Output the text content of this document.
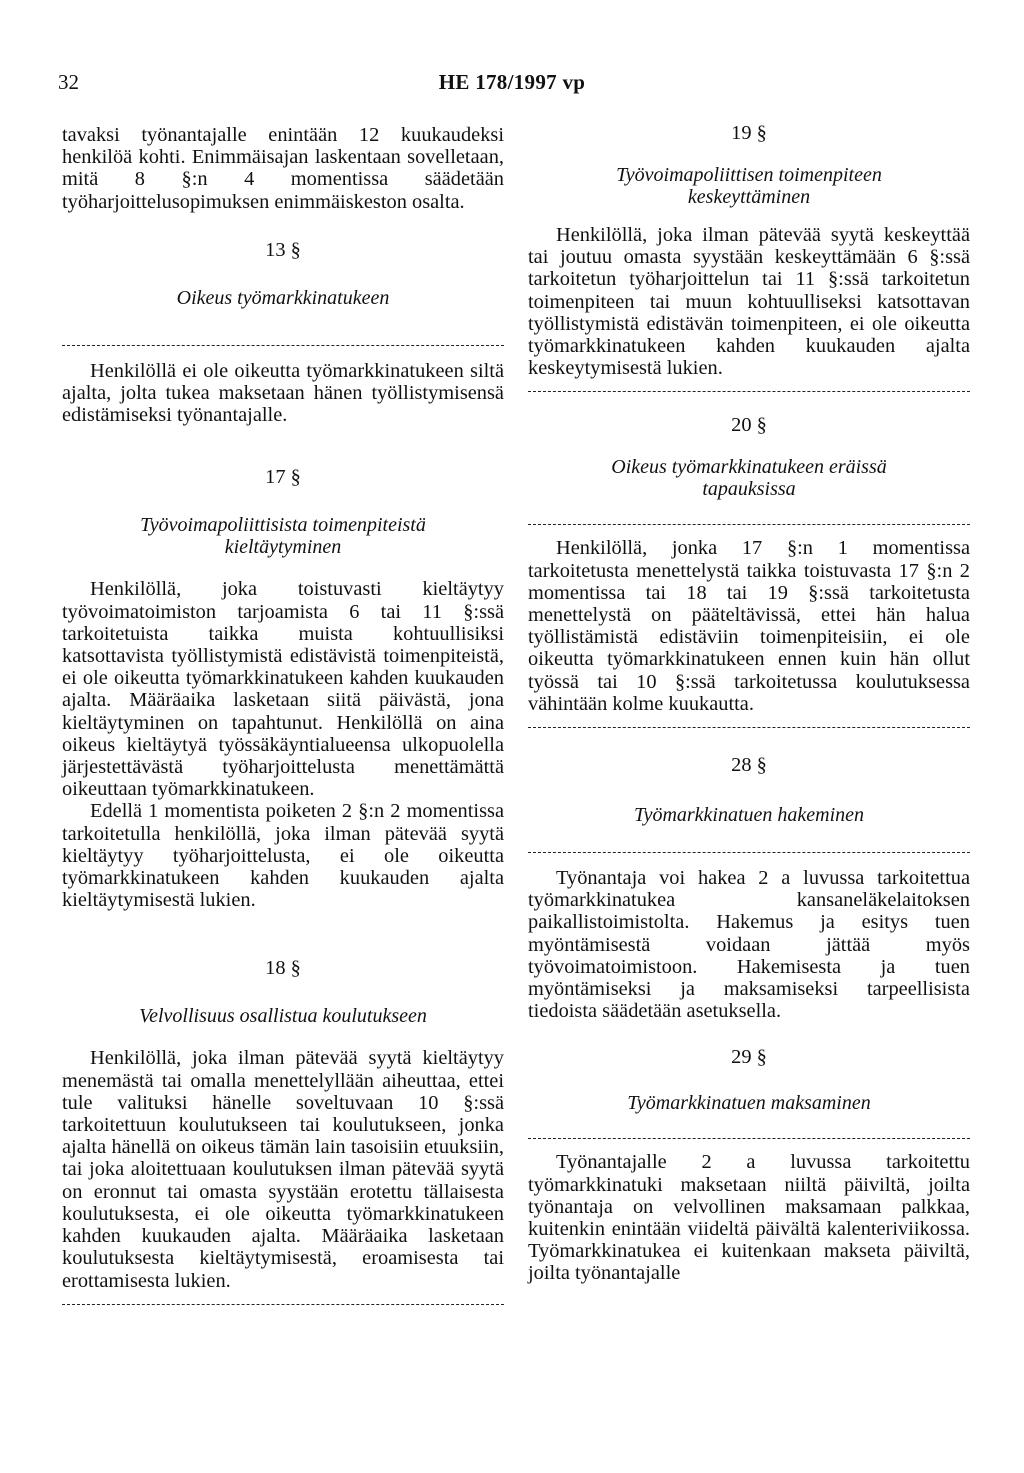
32	HE 178/1997 vp

tavaksi työnantajalle enintään 12 kuukaudeksi henkilöä kohti. Enimmäisajan laskentaan sovelletaan, mitä 8 §:n 4 momentissa säädetään työharjoittelusopimuksen enimmäiskeston osalta.

13 §
Oikeus työmarkkinatukeen

Henkilöllä ei ole oikeutta työmarkkinatukeen siltä ajalta, jolta tukea maksetaan hänen työllistymisensä edistämiseksi työnantajalle.

17 §
Työvoimapoliittisista toimenpiteistä kieltäytyminen

Henkilöllä, joka toistuvasti kieltäytyy työvoimatoimiston tarjoamista 6 tai 11 §:ssä tarkoitetuista taikka muista kohtuullisiksi katsottavista työllistymistä edistävistä toimenpiteistä, ei ole oikeutta työmarkkinatukeen kahden kuukauden ajalta. Määräaika lasketaan siitä päivästä, jona kieltäytyminen on tapahtunut. Henkilöllä on aina oikeus kieltäytyä työssäkäyntialueensa ulkopuolella järjestettävästä työharjoittelusta menettämättä oikeuttaan työmarkkinatukeen.

Edellä 1 momentista poiketen 2 §:n 2 momentissa tarkoitetulla henkilöllä, joka ilman pätevää syytä kieltäytyy työharjoittelusta, ei ole oikeutta työmarkkinatukeen kahden kuukauden ajalta kieltäytymisestä lukien.

18 §
Velvollisuus osallistua koulutukseen

Henkilöllä, joka ilman pätevää syytä kieltäytyy menemästä tai omalla menettelyllään aiheuttaa, ettei tule valituksi hänelle soveltuvaan 10 §:ssä tarkoitettuun koulutukseen tai koulutukseen, jonka ajalta hänellä on oikeus tämän lain tasoisiin etuuksiin, tai joka aloitettuaan koulutuksen ilman pätevää syytä on eronnut tai omasta syystään erotettu tällaisesta koulutuksesta, ei ole oikeutta työmarkkinatukeen kahden kuukauden ajalta. Määräaika lasketaan koulutuksesta kieltäytymisestä, eroamisesta tai erottamisesta lukien.

19 §
Työvoimapoliittisen toimenpiteen keskeyttäminen

Henkilöllä, joka ilman pätevää syytä keskeyttää tai joutuu omasta syystään keskeyttämään 6 §:ssä tarkoitetun työharjoittelun tai 11 §:ssä tarkoitetun toimenpiteen tai muun kohtuulliseksi katsottavan työllistymistä edistävän toimenpiteen, ei ole oikeutta työmarkkinatukeen kahden kuukauden ajalta keskeytymisestä lukien.

20 §
Oikeus työmarkkinatukeen eräissä tapauksissa

Henkilöllä, jonka 17 §:n 1 momentissa tarkoitetusta menettelystä taikka toistuvasta 17 §:n 2 momentissa tai 18 tai 19 §:ssä tarkoitetusta menettelystä on pääteltävissä, ettei hän halua työllistämistä edistäviin toimenpiteisiin, ei ole oikeutta työmarkkinatukeen ennen kuin hän ollut työssä tai 10 §:ssä tarkoitetussa koulutuksessa vähintään kolme kuukautta.

28 §
Työmarkkinatuen hakeminen

Työnantaja voi hakea 2 a luvussa tarkoitettua työmarkkinatukea kansaneläkelaitoksen paikallistoimistolta. Hakemus ja esitys tuen myöntämisestä voidaan jättää myös työvoimatoimistoon. Hakemisesta ja tuen myöntämiseksi ja maksamiseksi tarpeellisista tiedoista säädetään asetuksella.

29 §
Työmarkkinatuen maksaminen

Työnantajalle 2 a luvussa tarkoitettu työmarkkinatuki maksetaan niiltä päiviltä, joilta työnantaja on velvollinen maksamaan palkkaa, kuitenkin enintään viideltä päivältä kalenteriviikossa. Työmarkkinatukea ei kuitenkaan makseta päiviltä, joilta työnantajalle
